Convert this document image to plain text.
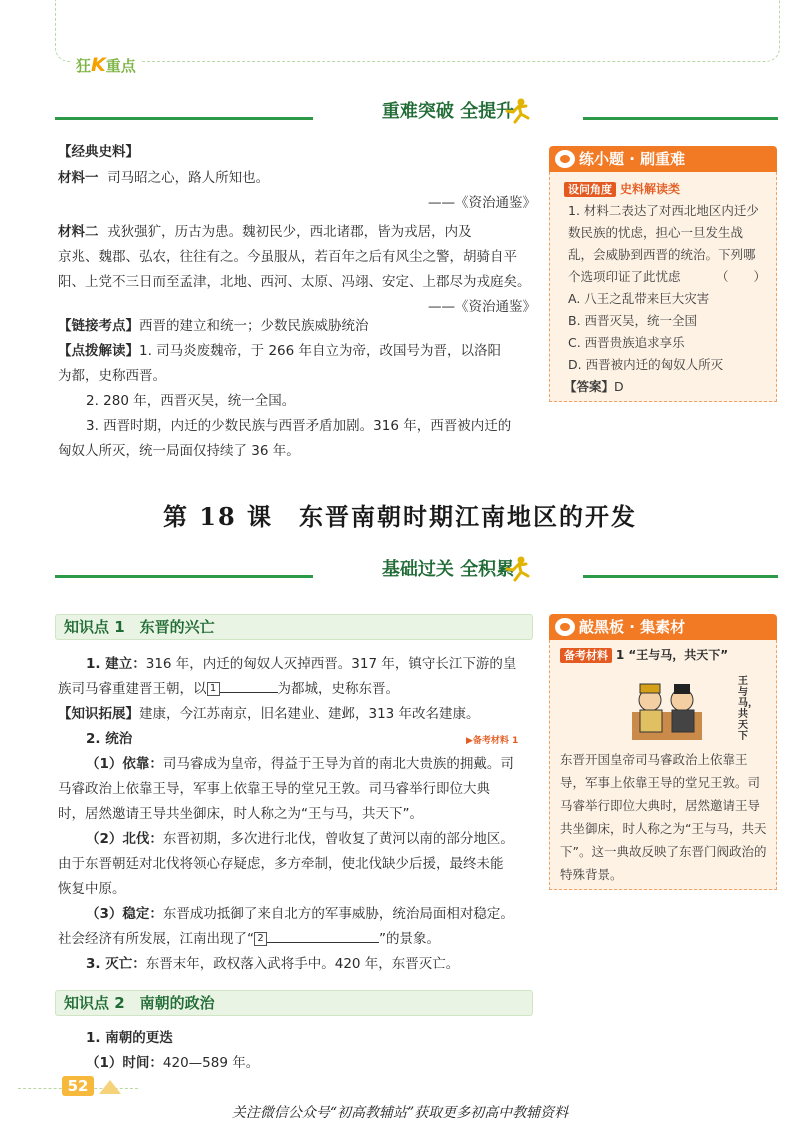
狂K重点
重难突破 全提升
【经典史料】
材料一 司马昭之心，路人所知也。
——《资治通鉴》
材料二 戎狄强犷，历古为患。魏初民少，西北诸郡，皆为戎居，内及
京兆、魏郡、弘农，往往有之。今虽服从，若百年之后有风尘之警，胡骑自平
阳、上党不三日而至孟津，北地、西河、太原、冯翊、安定、上郡尽为戎庭矣。
——《资治通鉴》
【链接考点】西晋的建立和统一；少数民族威胁统治
【点拨解读】1. 司马炎废魏帝，于 266 年自立为帝，改国号为晋，以洛阳
为都，史称西晋。
2. 280 年，西晋灭吴，统一全国。
3. 西晋时期，内迁的少数民族与西晋矛盾加剧。316 年，西晋被内迁的
匈奴人所灭，统一局面仅持续了 36 年。
练小题 · 刷重难
设问角度 史料解读类
1. 材料二表达了对西北地区内迁少数民族的忧虑，担心一旦发生战乱，会威胁到西晋的统治。下列哪个选项印证了此忧虑	（　　）
A. 八王之乱带来巨大灾害
B. 西晋灭吴，统一全国
C. 西晋贵族追求享乐
D. 西晋被内迁的匈奴人所灭
【答案】D
第 18 课　东晋南朝时期江南地区的开发
基础过关 全积累
知识点 1　东晋的兴亡
1. 建立：316 年，内迁的匈奴人灭掉西晋。317 年，镇守长江下游的皇
族司马睿重建晋王朝，以 1	为都城，史称东晋。
【知识拓展】建康，今江苏南京，旧名建业、建邺，313 年改名建康。
2. 统治
（1）依靠：司马睿成为皇帝，得益于王导为首的南北大贵族的拥戴。司
马睿政治上依靠王导，军事上依靠王导的堂兄王敦。司马睿举行即位大典
时，居然邀请王导共坐御床，时人称之为“王与马，共天下”。
（2）北伐：东晋初期，多次进行北伐，曾收复了黄河以南的部分地区。
由于东晋朝廷对北伐将领心存疑虑，多方牵制，使北伐缺少后援，最终未能
恢复中原。
（3）稳定：东晋成功抵御了来自北方的军事威胁，统治局面相对稳定。
社会经济有所发展，江南出现了“ 2	”的景象。
3. 灭亡：东晋末年，政权落入武将手中。420 年，东晋灭亡。
▶备考材料 1
敲黑板 · 集素材
备考材料 1 “王与马，共天下”
王与马，共天下
东晋开国皇帝司马睿政治上依靠王导，军事上依靠王导的堂兄王敦。司马睿举行即位大典时，居然邀请王导共坐御床，时人称之为“王与马，共天下”。这一典故反映了东晋门阀政治的特殊背景。
知识点 2　南朝的政治
1. 南朝的更迭
（1）时间：420—589 年。
52
关注微信公众号“初高教辅站”获取更多初高中教辅资料
